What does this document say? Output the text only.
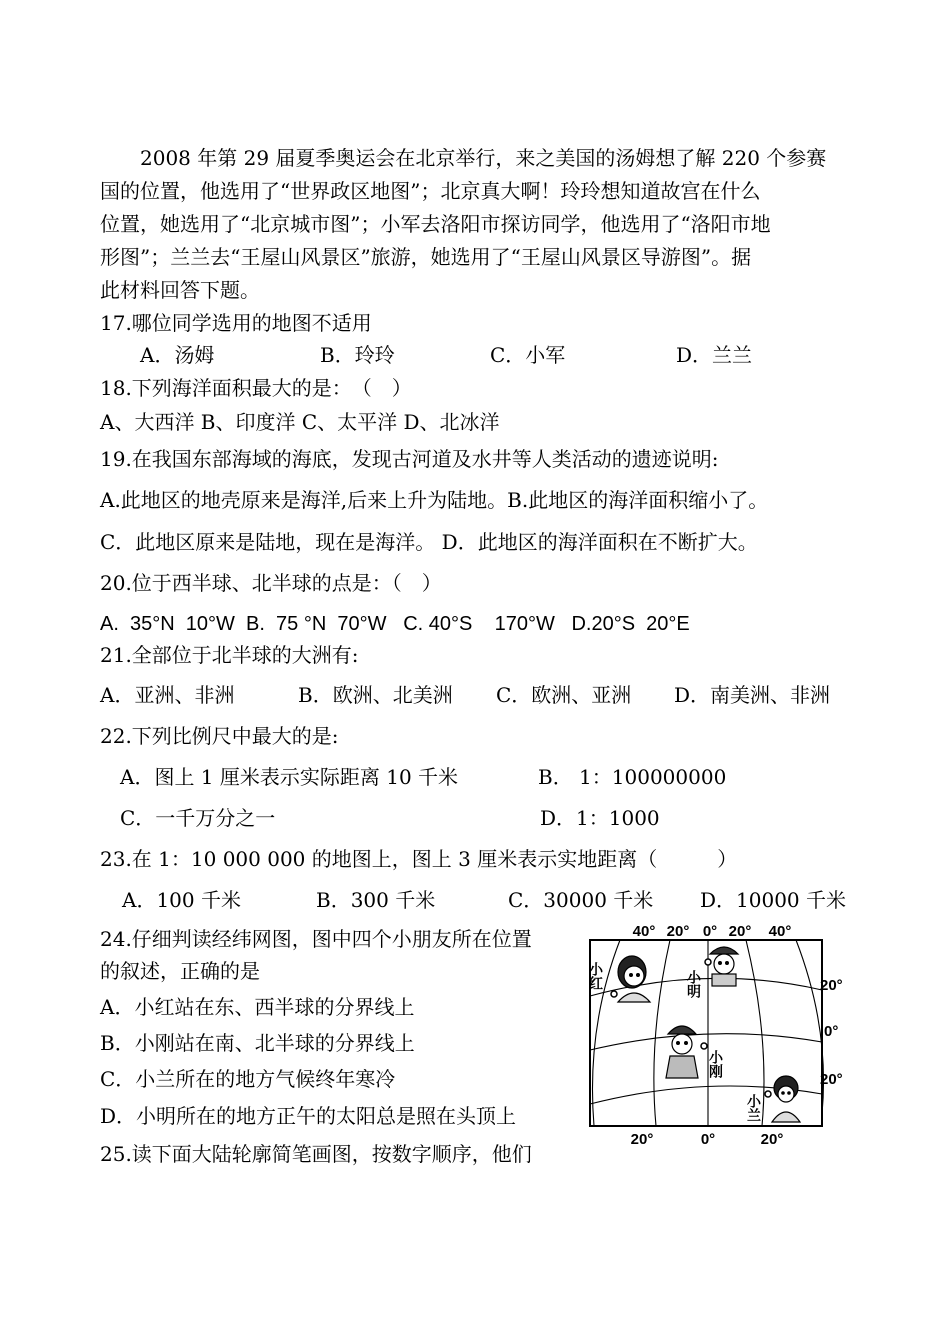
　　2008 年第 29 届夏季奥运会在北京举行，来之美国的汤姆想了解 220 个参赛
国的位置，他选用了“世界政区地图”；北京真大啊！玲玲想知道故宫在什么
位置，她选用了“北京城市图”；小军去洛阳市探访同学，他选用了“洛阳市地
形图”；兰兰去“王屋山风景区”旅游，她选用了“王屋山风景区导游图”。据
此材料回答下题。
17.哪位同学选用的地图不适用
A．汤姆	B．玲玲	C．小军	D．兰兰
18.下列海洋面积最大的是：　（　）
A、大西洋 B、印度洋 C、太平洋 D、北冰洋
19.在我国东部海域的海底，发现古河道及水井等人类活动的遗迹说明:
A.此地区的地壳原来是海洋,后来上升为陆地。B.此地区的海洋面积缩小了。
C．此地区原来是陆地，现在是海洋。 D．此地区的海洋面积在不断扩大。
20.位于西半球、北半球的点是：（　）
A.  35°N  10°W  B.  75 °N  70°W   C. 40°S    170°W   D.20°S  20°E
21.全部位于北半球的大洲有:
A．亚洲、非洲	B．欧洲、北美洲 C．欧洲、亚洲 D．南美洲、非洲
22.下列比例尺中最大的是:
A．图上 1 厘米表示实际距离 10 千米	B． 1：100000000
C．一千万分之一	D．1：1000
23.在 1：10 000 000 的地图上，图上 3 厘米表示实地距离（　　　）
A．100 千米	B．300 千米	C．30000 千米 D．10000 千米
24.仔细判读经纬网图，图中四个小朋友所在位置
的叙述，正确的是
A．小红站在东、西半球的分界线上
B．小刚站在南、北半球的分界线上
C．小兰所在的地方气候终年寒冷
D．小明所在的地方正午的太阳总是照在头顶上
25.读下面大陆轮廓简笔画图，按数字顺序，他们
40° 20° 0° 20° 40°
20°
0°
20°
20°	0°	20°
小红	小明
小刚
小兰
